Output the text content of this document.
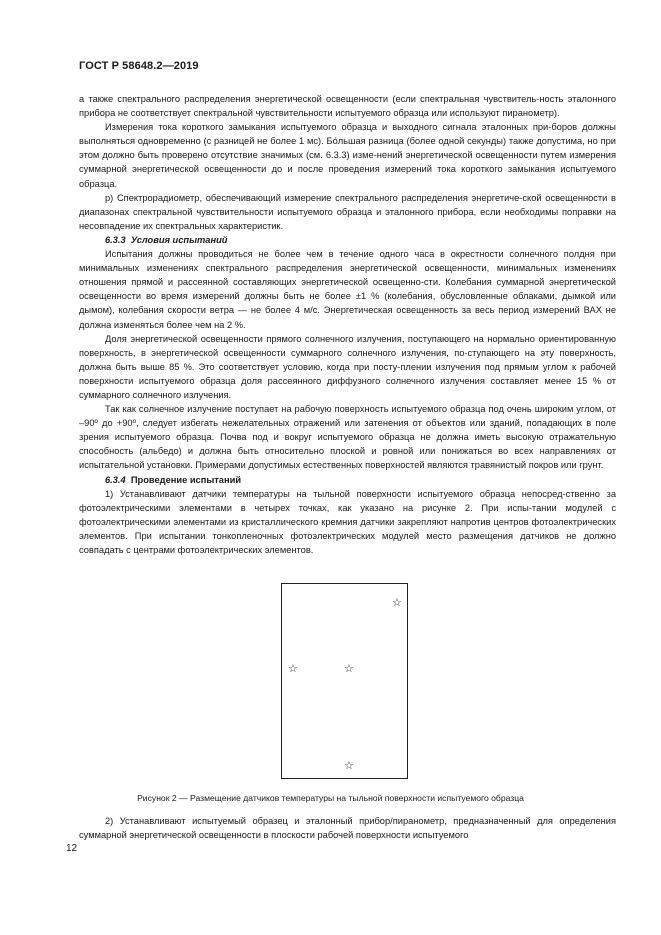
ГОСТ Р 58648.2—2019

а также спектрального распределения энергетической освещенности (если спектральная чувствитель-ность эталонного прибора не соответствует спектральной чувствительности испытуемого образца или используют пиранометр).

Измерения тока короткого замыкания испытуемого образца и выходного сигнала эталонных при-боров должны выполняться одновременно (с разницей не более 1 мс). Бо́льшая разница (более одной секунды) также допустима, но при этом должно быть проверено отсутствие значимых (см. 6.3.3) изме-нений энергетической освещенности путем измерения суммарной энергетической освещенности до и после проведения измерений тока короткого замыкания испытуемого образца.

р) Спектрорадиометр, обеспечивающий измерение спектрального распределения энергетиче-ской освещенности в диапазонах спектральной чувствительности испытуемого образца и эталонного прибора, если необходимы поправки на несовпадение их спектральных характеристик.

6.3.3 Условия испытаний

Испытания должны проводиться не более чем в течение одного часа в окрестности солнечного полдня при минимальных изменениях спектрального распределения энергетической освещенности, минимальных изменениях отношения прямой и рассеянной составляющих энергетической освещенно-сти. Колебания суммарной энергетической освещенности во время измерений должны быть не более ±1 % (колебания, обусловленные облаками, дымкой или дымом), колебания скорости ветра — не более 4 м/с. Энергетическая освещенность за весь период измерений ВАХ не должна изменяться более чем на 2 %.

Доля энергетической освещенности прямого солнечного излучения, поступающего на нормально ориентированную поверхность, в энергетической освещенности суммарного солнечного излучения, по-ступающего на эту поверхность, должна быть выше 85 %. Это соответствует условию, когда при посту-плении излучения под прямым углом к рабочей поверхности испытуемого образца доля рассеянного диффузного солнечного излучения составляет менее 15 % от суммарного солнечного излучения.

Так как солнечное излучение поступает на рабочую поверхность испытуемого образца под очень широким углом, от –90º до +90º, следует избегать нежелательных отражений или затенения от объектов или зданий, попадающих в поле зрения испытуемого образца. Почва под и вокруг испытуемого образца не должна иметь высокую отражательную способность (альбедо) и должна быть относительно плоской и ровной или понижаться во всех направлениях от испытательной установки. Примерами допустимых естественных поверхностей являются травянистый покров или грунт.

6.3.4 Проведение испытаний

1) Устанавливают датчики температуры на тыльной поверхности испытуемого образца непосред-ственно за фотоэлектрическими элементами в четырех точках, как указано на рисунке 2. При испы-тании модулей с фотоэлектрическими элементами из кристаллического кремния датчики закрепляют напротив центров фотоэлектрических элементов. При испытании тонкопленочных фотоэлектрических модулей место размещения датчиков не должно совпадать с центрами фотоэлектрических элементов.

☆
☆	☆
☆
Рисунок 2 — Размещение датчиков температуры на тыльной поверхности испытуемого образца

2) Устанавливают испытуемый образец и эталонный прибор/пиранометр, предназначенный для определения суммарной энергетической освещенности в плоскости рабочей поверхности испытуемого

12
